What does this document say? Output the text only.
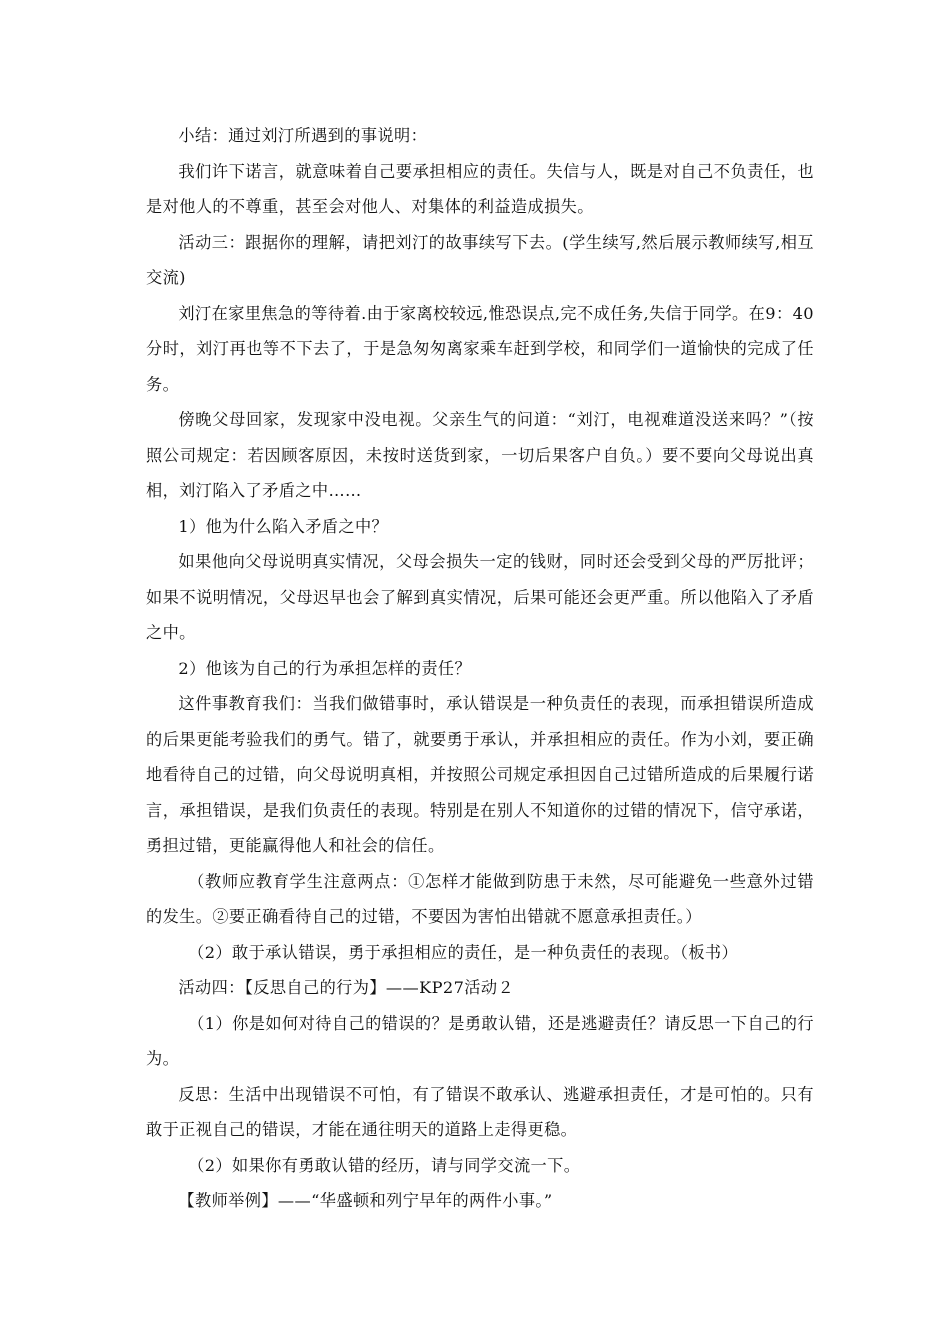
小结：通过刘汀所遇到的事说明：

我们许下诺言，就意味着自己要承担相应的责任。失信与人，既是对自己不负责任，也是对他人的不尊重，甚至会对他人、对集体的利益造成损失。

活动三：跟据你的理解，请把刘汀的故事续写下去。(学生续写,然后展示教师续写,相互交流)

刘汀在家里焦急的等待着.由于家离校较远,惟恐误点,完不成任务,失信于同学。在9：40分时，刘汀再也等不下去了，于是急匆匆离家乘车赶到学校，和同学们一道愉快的完成了任务。

傍晚父母回家，发现家中没电视。父亲生气的问道：“刘汀，电视难道没送来吗？”（按照公司规定：若因顾客原因，未按时送货到家，一切后果客户自负。）要不要向父母说出真相，刘汀陷入了矛盾之中……

1）他为什么陷入矛盾之中？

如果他向父母说明真实情况，父母会损失一定的钱财，同时还会受到父母的严厉批评；如果不说明情况，父母迟早也会了解到真实情况，后果可能还会更严重。所以他陷入了矛盾之中。

2）他该为自己的行为承担怎样的责任？

这件事教育我们：当我们做错事时，承认错误是一种负责任的表现，而承担错误所造成的后果更能考验我们的勇气。错了，就要勇于承认，并承担相应的责任。作为小刘，要正确地看待自己的过错，向父母说明真相，并按照公司规定承担因自己过错所造成的后果履行诺言，承担错误，是我们负责任的表现。特别是在别人不知道你的过错的情况下，信守承诺，勇担过错，更能赢得他人和社会的信任。

（教师应教育学生注意两点：①怎样才能做到防患于未然，尽可能避免一些意外过错的发生。②要正确看待自己的过错，不要因为害怕出错就不愿意承担责任。）

（2）敢于承认错误，勇于承担相应的责任，是一种负责任的表现。（板书）

活动四：【反思自己的行为】——KP27活动２

（1）你是如何对待自己的错误的？是勇敢认错，还是逃避责任？请反思一下自己的行为。

反思：生活中出现错误不可怕，有了错误不敢承认、逃避承担责任，才是可怕的。只有敢于正视自己的错误，才能在通往明天的道路上走得更稳。

（2）如果你有勇敢认错的经历，请与同学交流一下。

【教师举例】——“华盛顿和列宁早年的两件小事。”
